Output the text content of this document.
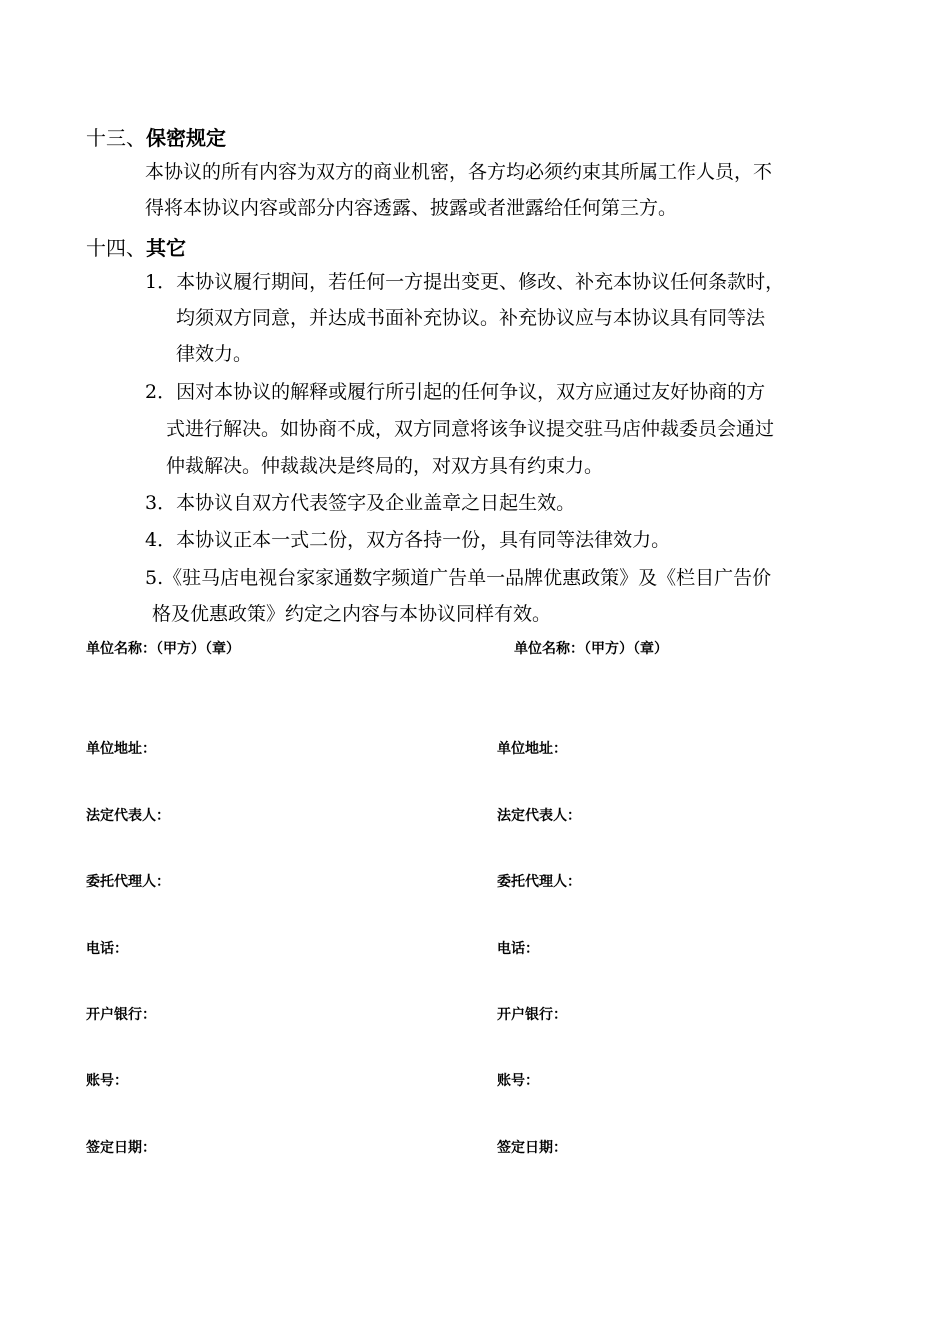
十三、保密规定
本协议的所有内容为双方的商业机密，各方均必须约束其所属工作人员，不
得将本协议内容或部分内容透露、披露或者泄露给任何第三方。
十四、其它
1．本协议履行期间，若任何一方提出变更、修改、补充本协议任何条款时，
均须双方同意，并达成书面补充协议。补充协议应与本协议具有同等法
律效力。
2．因对本协议的解释或履行所引起的任何争议，双方应通过友好协商的方
式进行解决。如协商不成，双方同意将该争议提交驻马店仲裁委员会通过
仲裁解决。仲裁裁决是终局的，对双方具有约束力。
3．本协议自双方代表签字及企业盖章之日起生效。
4．本协议正本一式二份，双方各持一份，具有同等法律效力。
5.《驻马店电视台家家通数字频道广告单一品牌优惠政策》及《栏目广告价
格及优惠政策》约定之内容与本协议同样有效。
单位名称：（甲方）（章）
单位地址：
法定代表人：
委托代理人：
电话：
开户银行：
账号：
签定日期：
单位名称：（甲方）（章）
单位地址：
法定代表人：
委托代理人：
电话：
开户银行：
账号：
签定日期：
